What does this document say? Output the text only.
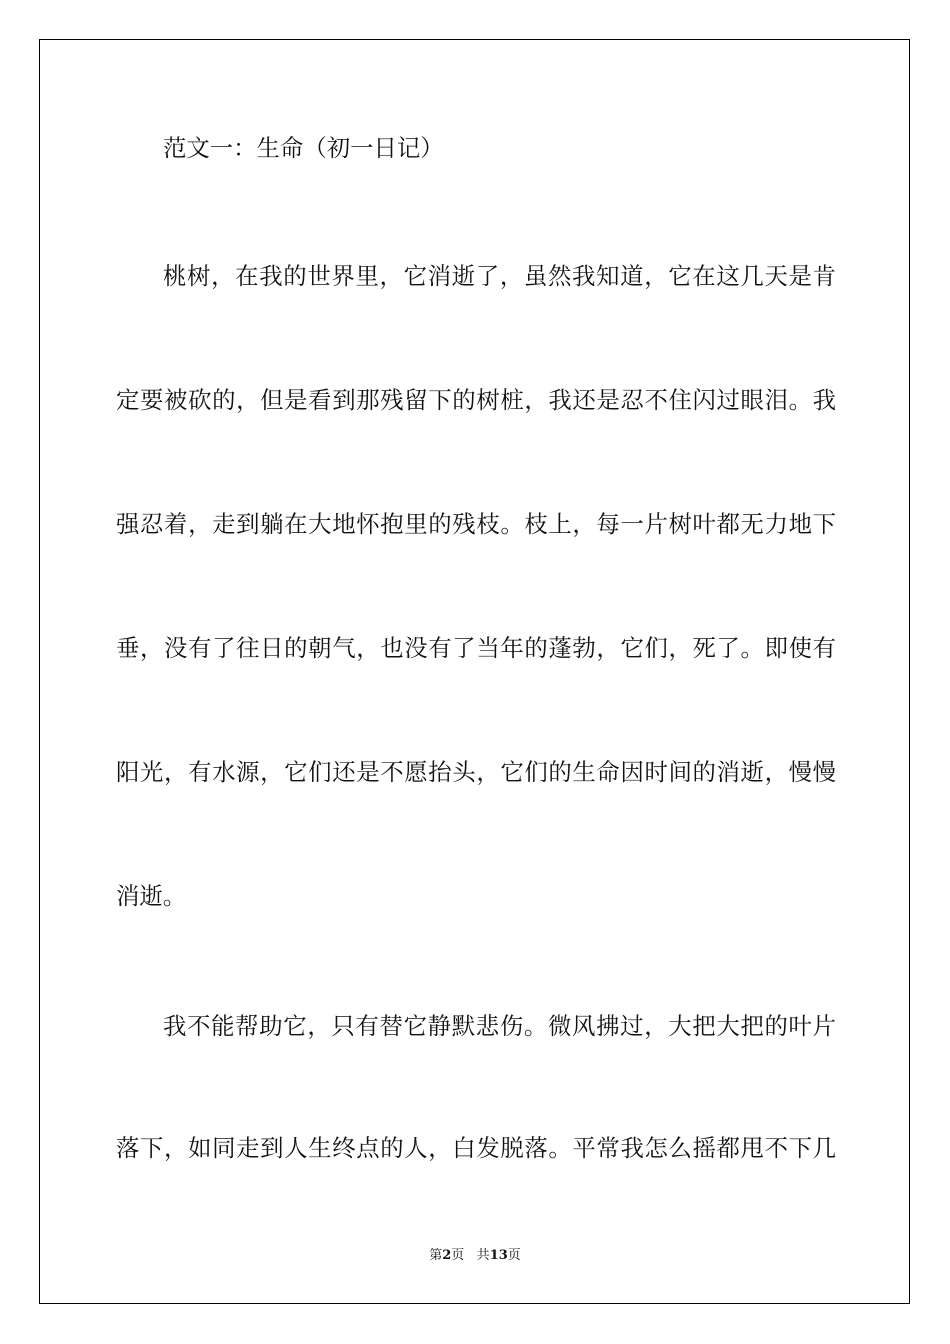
范文一：生命（初一日记）
桃树，在我的世界里，它消逝了，虽然我知道，它在这几天是肯
定要被砍的，但是看到那残留下的树桩，我还是忍不住闪过眼泪。我
强忍着，走到躺在大地怀抱里的残枝。枝上，每一片树叶都无力地下
垂，没有了往日的朝气，也没有了当年的蓬勃，它们，死了。即使有
阳光，有水源，它们还是不愿抬头，它们的生命因时间的消逝，慢慢
消逝。
我不能帮助它，只有替它静默悲伤。微风拂过，大把大把的叶片
落下，如同走到人生终点的人，白发脱落。平常我怎么摇都甩不下几
第2页 共13页
